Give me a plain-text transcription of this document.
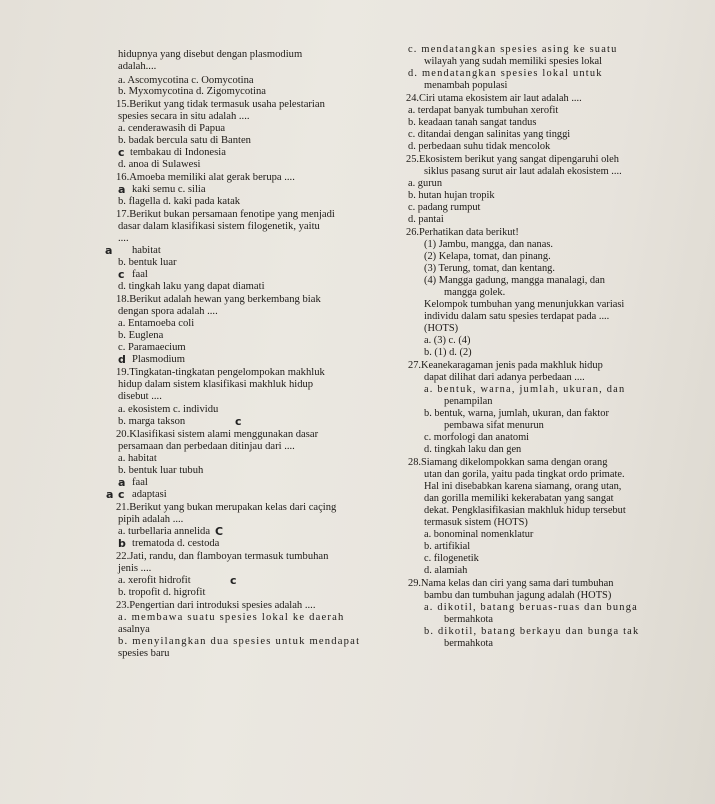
hidupnya yang disebut dengan plasmodium
adalah....
a. Ascomycotina c. Oomycotina
b. Myxomycotina d. Zigomycotina
15.Berikut yang tidak termasuk usaha pelestarian
spesies secara in situ adalah ....
a. cenderawasih di Papua
b. badak bercula satu di Banten
tembakau di Indonesia
d. anoa di Sulawesi
16.Amoeba memiliki alat gerak berupa ....
kaki semu c. silia
b. flagella d. kaki pada katak
17.Berikut bukan persamaan fenotipe yang menjadi
dasar dalam klasifikasi sistem filogenetik, yaitu
....
habitat
b. bentuk luar
faal
d. tingkah laku yang dapat diamati
18.Berikut adalah hewan yang berkembang biak
dengan spora adalah ....
a. Entamoeba coli
b. Euglena
c. Paramaecium
Plasmodium
19.Tingkatan-tingkatan pengelompokan makhluk
hidup dalam sistem klasifikasi makhluk hidup
disebut ....
a. ekosistem c. individu
b. marga takson
20.Klasifikasi sistem alami menggunakan dasar
persamaan dan perbedaan ditinjau dari ....
a. habitat
b. bentuk luar tubuh
faal
adaptasi
21.Berikut yang bukan merupakan kelas dari caçing
pipih adalah ....
a. turbellaria annelida
trematoda d. cestoda
22.Jati, randu, dan flamboyan termasuk tumbuhan
jenis ....
a. xerofit hidrofit
b. tropofit d. higrofit
23.Pengertian dari introduksi spesies adalah ....
a. membawa suatu spesies lokal ke daerah
asalnya
b. menyilangkan dua spesies untuk mendapat
spesies baru
c. mendatangkan spesies asing ke suatu
wilayah yang sudah memiliki spesies lokal
d. mendatangkan spesies lokal untuk
menambah populasi
24.Ciri utama ekosistem air laut adalah ....
a. terdapat banyak tumbuhan xerofit
b. keadaan tanah sangat tandus
c. ditandai dengan salinitas yang tinggi
d. perbedaan suhu tidak mencolok
25.Ekosistem berikut yang sangat dipengaruhi oleh
siklus pasang surut air laut adalah ekosistem ....
a. gurun
b. hutan hujan tropik
c. padang rumput
d. pantai
26.Perhatikan data berikut!
(1) Jambu, mangga, dan nanas.
(2) Kelapa, tomat, dan pinang.
(3) Terung, tomat, dan kentang.
(4) Mangga gadung, mangga manalagi, dan
mangga golek.
Kelompok tumbuhan yang menunjukkan variasi
individu dalam satu spesies terdapat pada ....
(HOTS)
a. (3) c. (4)
b. (1) d. (2)
27.Keanekaragaman jenis pada makhluk hidup
dapat dilihat dari adanya perbedaan ....
a. bentuk, warna, jumlah, ukuran, dan
penampilan
b. bentuk, warna, jumlah, ukuran, dan faktor
pembawa sifat menurun
c. morfologi dan anatomi
d. tingkah laku dan gen
28.Siamang dikelompokkan sama dengan orang
utan dan gorila, yaitu pada tingkat ordo primate.
Hal ini disebabkan karena siamang, orang utan,
dan gorilla memiliki kekerabatan yang sangat
dekat. Pengklasifikasian makhluk hidup tersebut
termasuk sistem (HOTS)
a. bonominal nomenklatur
b. artifikial
c. filogenetik
d. alamiah
29.Nama kelas dan ciri yang sama dari tumbuhan
bambu dan tumbuhan jagung adalah (HOTS)
a. dikotil, batang beruas-ruas dan bunga
bermahkota
b. dikotil, batang berkayu dan bunga tak
bermahkota
c
a
a
c
d
c
a
c
a
C
b
c
